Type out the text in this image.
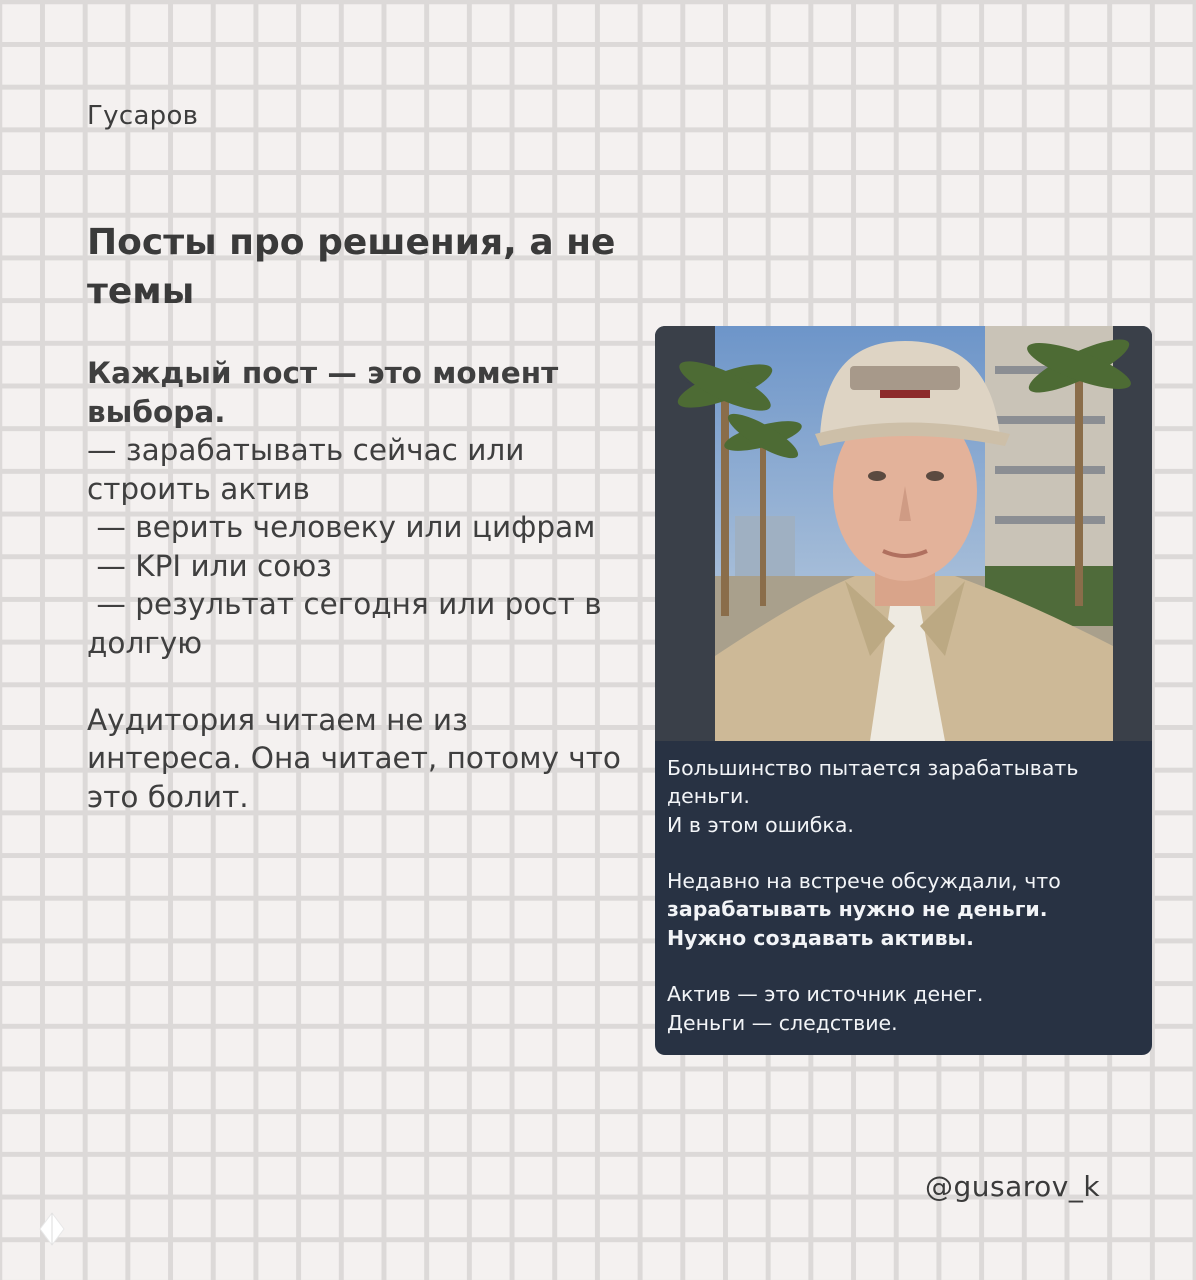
Гусаров
Посты про решения, а не темы
Каждый пост — это момент выбора.
— зарабатывать сейчас или строить актив
— верить человеку или цифрам
— KPI или союз
— результат сегодня или рост в долгую
Аудитория читаем не из интереса. Она читает, потому что это болит.
Большинство пытается зарабатывать деньги.
И в этом ошибка.
Недавно на встрече обсуждали, что
зарабатывать нужно не деньги.
Нужно создавать активы.
Актив — это источник денег.
Деньги — следствие.
@gusarov_k
